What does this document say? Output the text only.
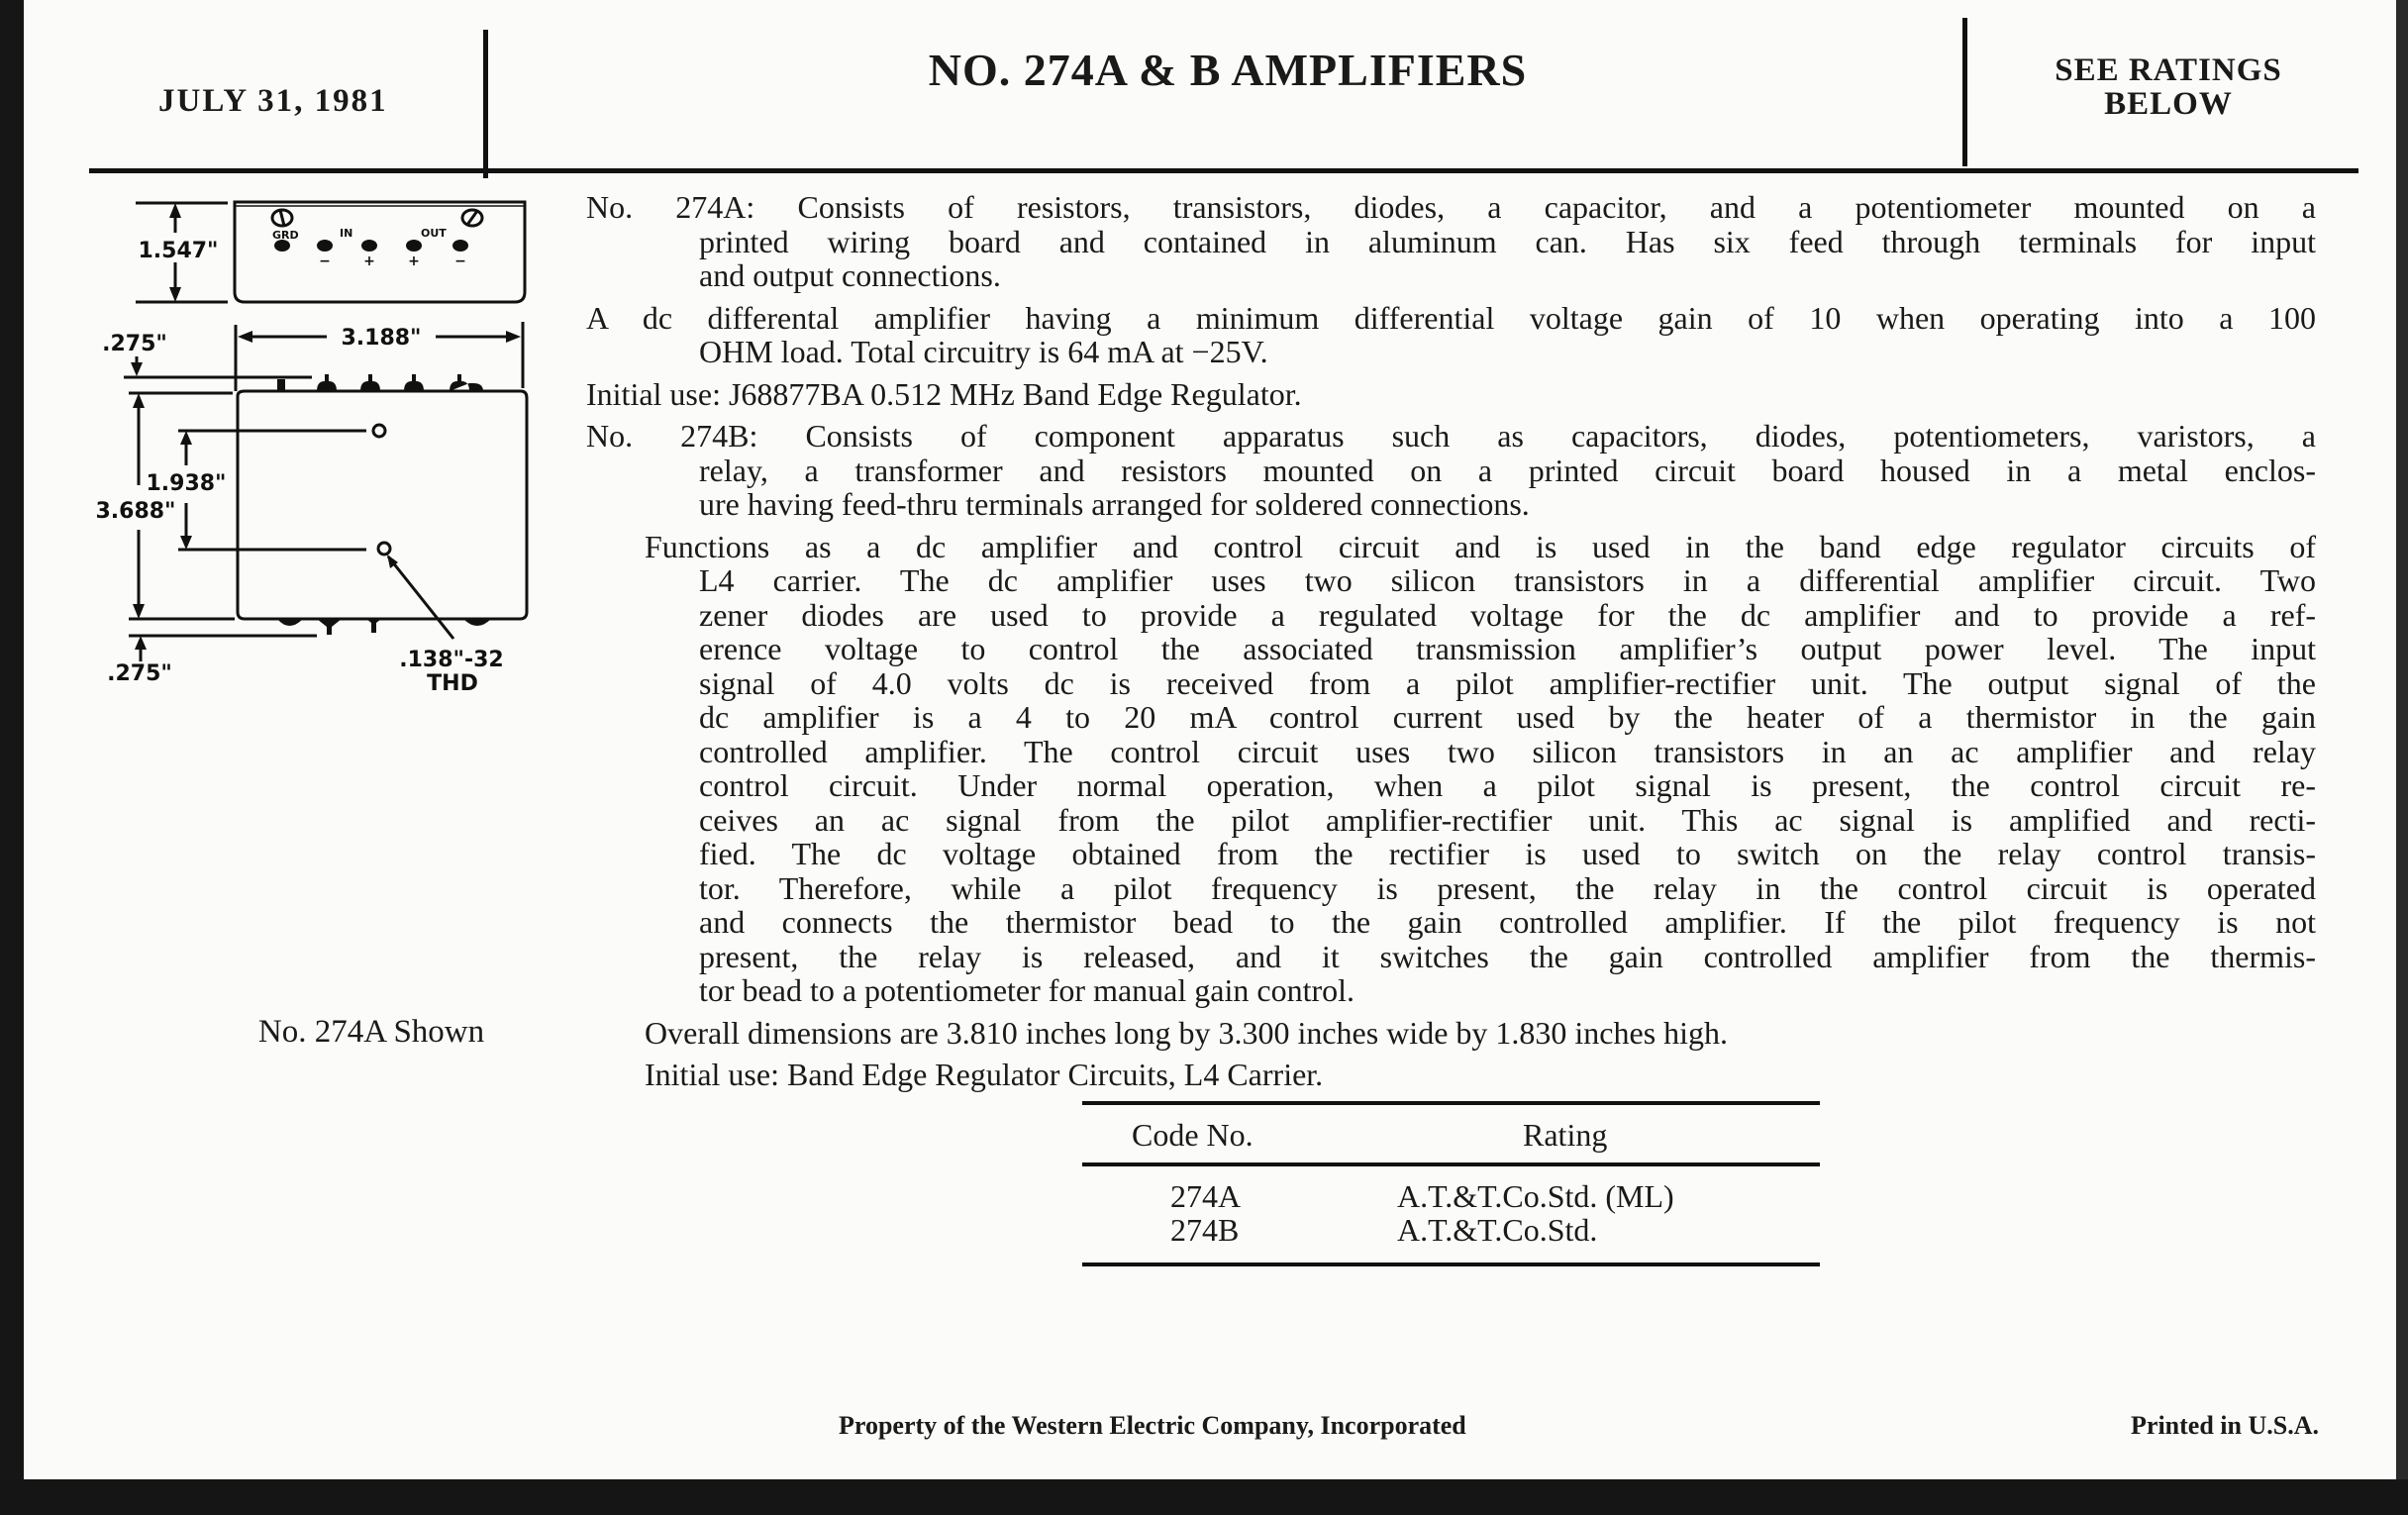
JULY 31, 1981
NO. 274A & B AMPLIFIERS	SEE RATINGS
BELOW
1.547"
GRD	IN	OUT
− + +	−
3.188"
.275"
1.938"
3.688"
.275"
.138"-32
THD
No. 274A Shown
No. 274A: Consists of resistors, transistors, diodes, a capacitor, and a potentiometer mounted on a
printed wiring board and contained in aluminum can. Has six feed through terminals for input
and output connections.
A dc differental amplifier having a minimum differential voltage gain of 10 when operating into a 100
OHM load. Total circuitry is 64 mA at −25V.
Initial use: J68877BA 0.512 MHz Band Edge Regulator.
No. 274B: Consists of component apparatus such as capacitors, diodes, potentiometers, varistors, a
relay, a transformer and resistors mounted on a printed circuit board housed in a metal enclos-
ure having feed-thru terminals arranged for soldered connections.
Functions as a dc amplifier and control circuit and is used in the band edge regulator circuits of
L4 carrier. The dc amplifier uses two silicon transistors in a differential amplifier circuit. Two
zener diodes are used to provide a regulated voltage for the dc amplifier and to provide a ref-
erence voltage to control the associated transmission amplifier’s output power level. The input
signal of 4.0 volts dc is received from a pilot amplifier-rectifier unit. The output signal of the
dc amplifier is a 4 to 20 mA control current used by the heater of a thermistor in the gain
controlled amplifier. The control circuit uses two silicon transistors in an ac amplifier and relay
control circuit. Under normal operation, when a pilot signal is present, the control circuit re-
ceives an ac signal from the pilot amplifier-rectifier unit. This ac signal is amplified and recti-
fied. The dc voltage obtained from the rectifier is used to switch on the relay control transis-
tor. Therefore, while a pilot frequency is present, the relay in the control circuit is operated
and connects the thermistor bead to the gain controlled amplifier. If the pilot frequency is not
present, the relay is released, and it switches the gain controlled amplifier from the thermis-
tor bead to a potentiometer for manual gain control.
Overall dimensions are 3.810 inches long by 3.300 inches wide by 1.830 inches high.
Initial use: Band Edge Regulator Circuits, L4 Carrier.
Code No.	Rating
274A	A.T.&T.Co.Std. (ML)
274B	A.T.&T.Co.Std.
Property of the Western Electric Company, Incorporated	Printed in U.S.A.
